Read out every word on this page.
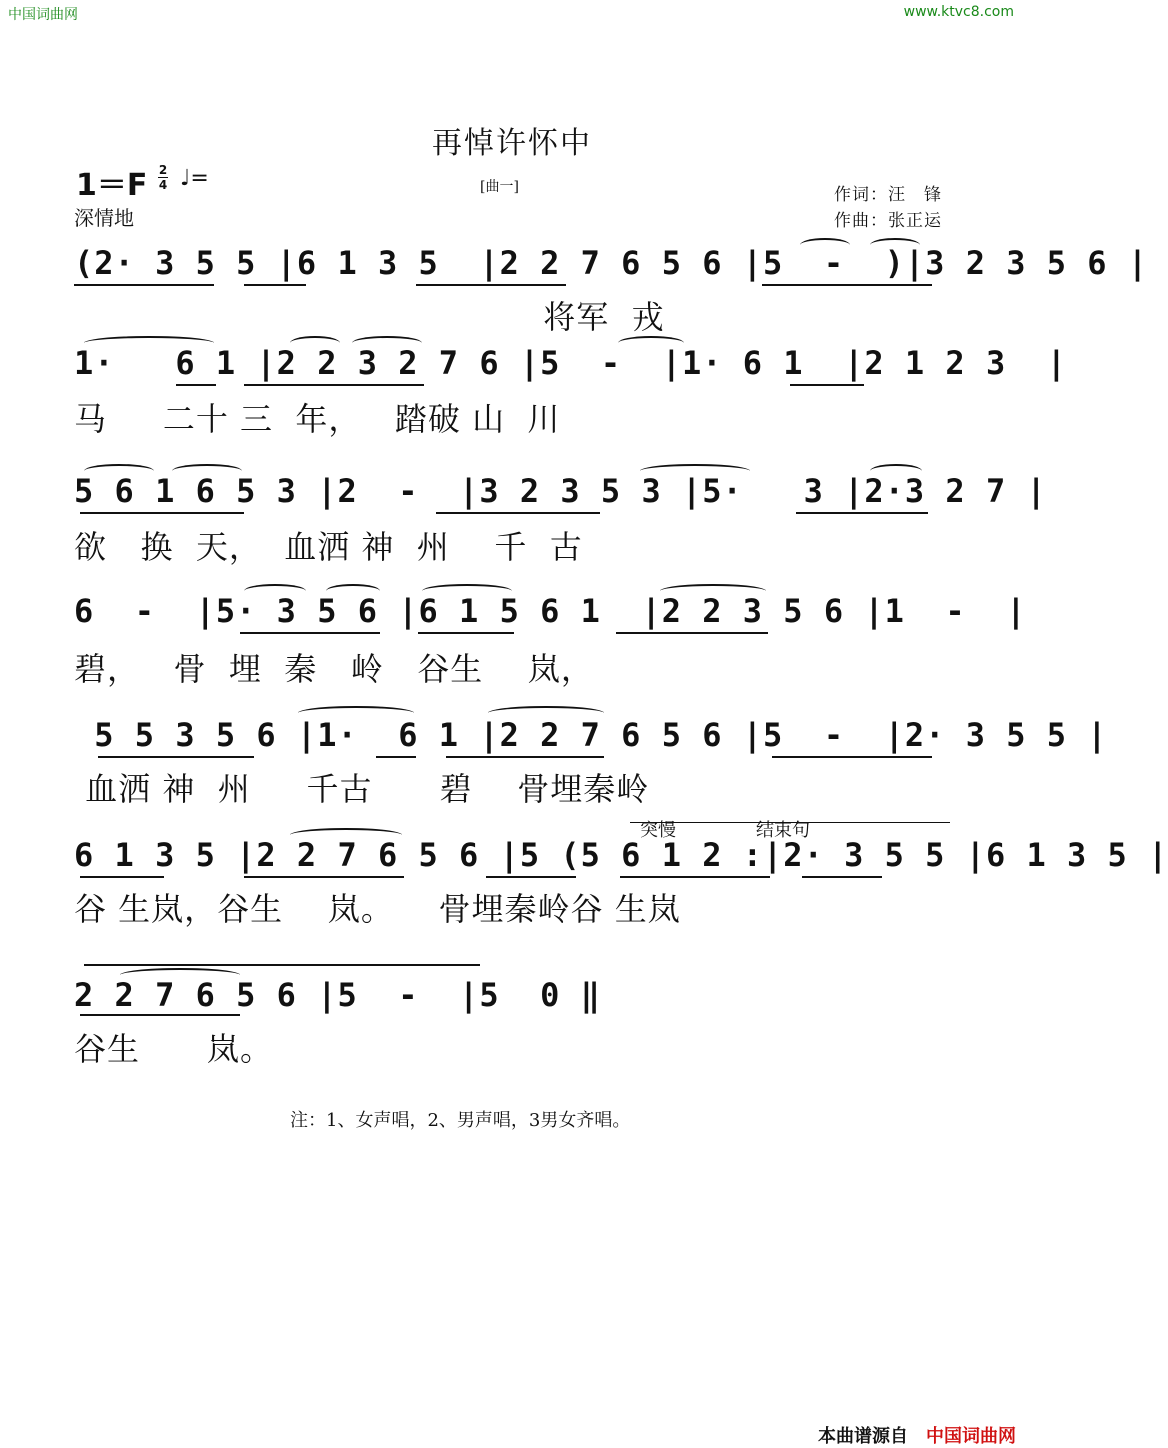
中国词曲网	www.ktvc8.com
再悼许怀中
1＝F 2
4 ♩=	[曲一]	作词：汪　锋
作曲：张正运
深情地
(2· 3 5 5 |6 1 3 5  |2 2 7 6 5 6 |5  -  )|3 2 3 5 6 |
将军  戎
1·   6 1 |2 2 3 2 7 6 |5  -  |1· 6 1  |2 1 2 3  |
马     二十 三  年，   踏破 山  川
5 6 1 6 5 3 |2  -  |3 2 3 5 3 |5·   3 |2·3 2 7 |
欲   换  天，  血洒 神  州    千  古
6  -  |5· 3 5 6 |6 1 5 6 1  |2 2 3 5 6 |1  -  |
碧，   骨  埋  秦   岭   谷生    岚，
5 5 3 5 6 |1·  6 1 |2 2 7 6 5 6 |5  -  |2· 3 5 5 |
血洒 神  州     千古      碧    骨埋秦岭
突慢	结束句
6 1 3 5 |2 2 7 6 5 6 |5 (5 6 1 2 :|2· 3 5 5 |6 1 3 5 |
谷 生岚，谷生    岚。    骨埋秦岭谷 生岚
2 2 7 6 5 6 |5  -  |5  0 ‖
谷生      岚。
注：1、女声唱，2、男声唱，3男女齐唱。
本曲谱源自 中国词曲网
